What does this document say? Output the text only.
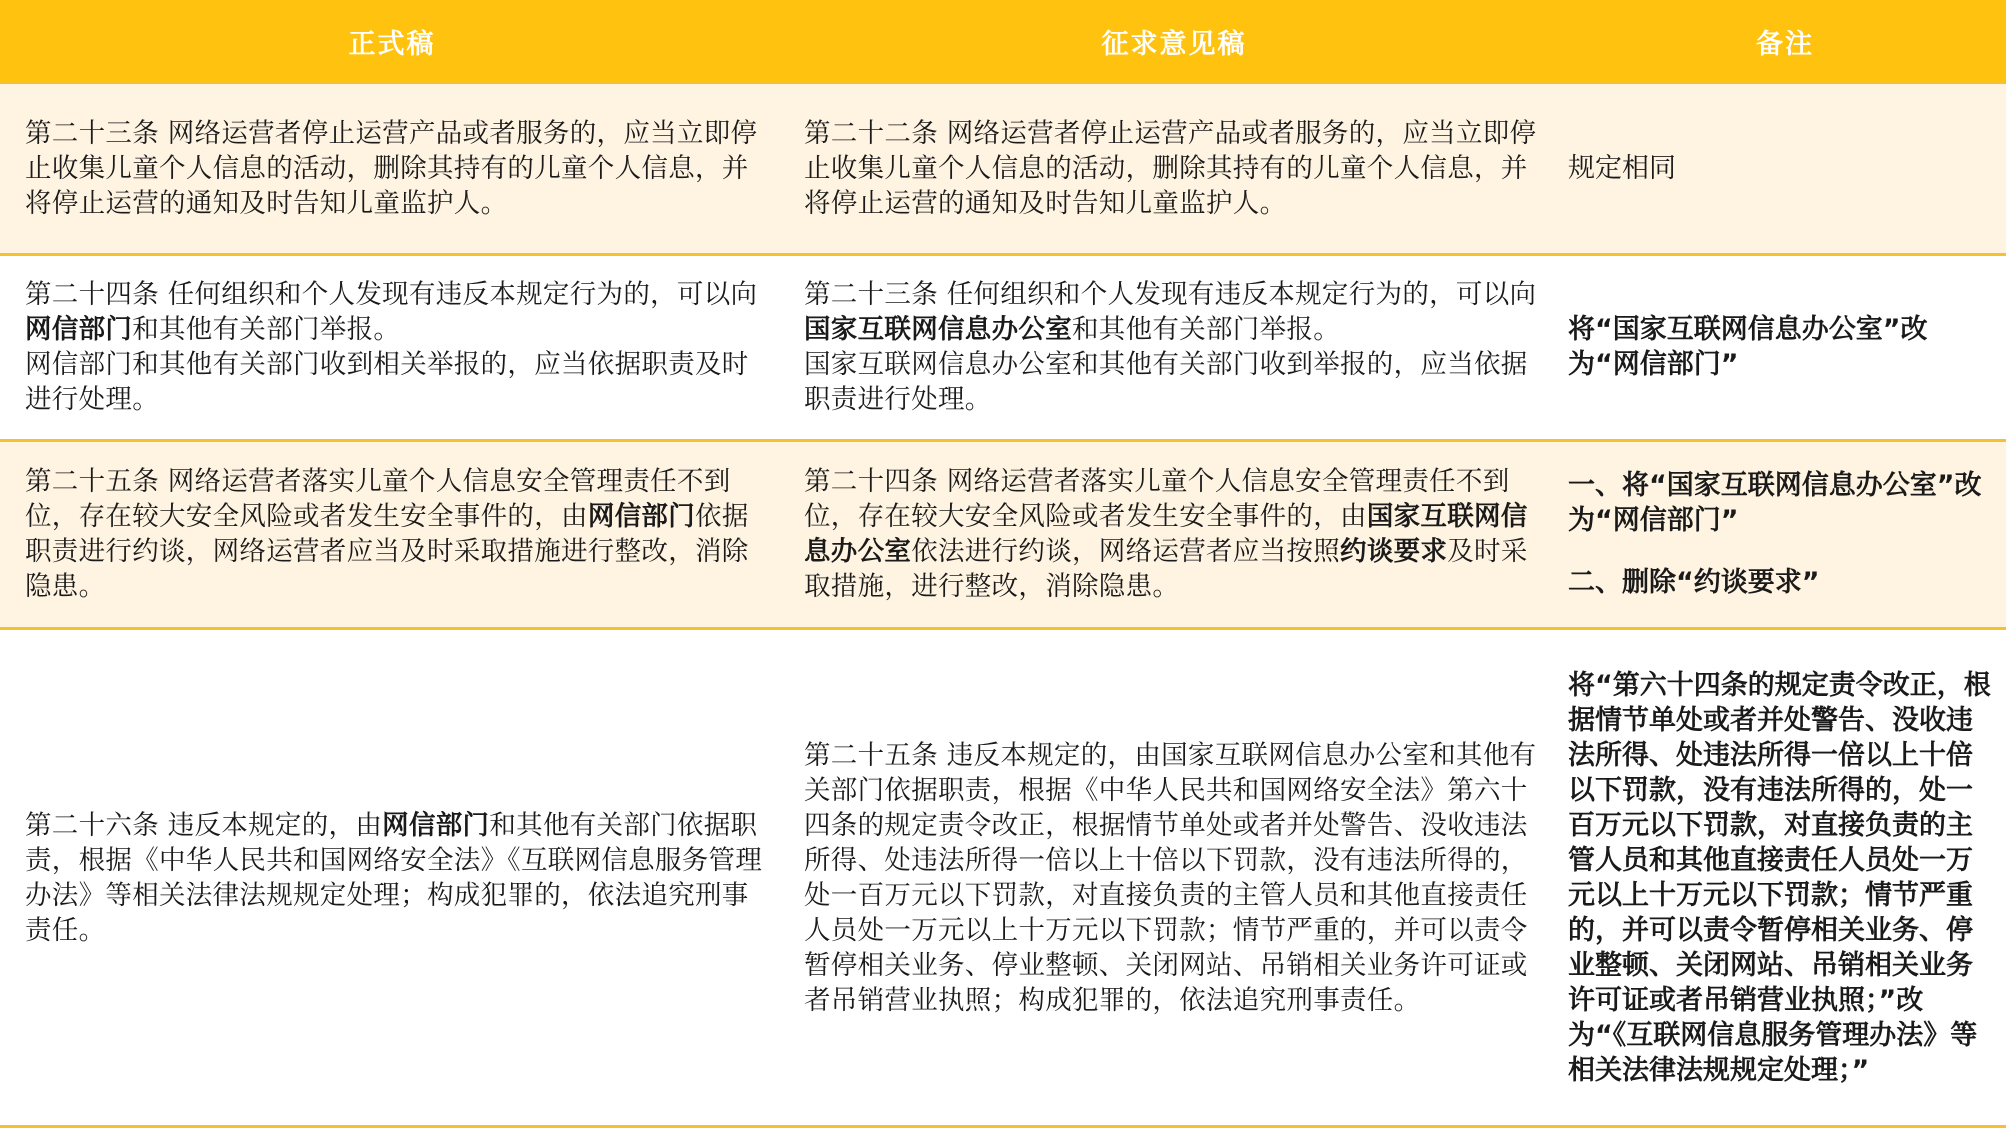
正式稿	征求意见稿	备注
第二十三条 网络运营者停止运营产品或者服务的，应当立即停止收集儿童个人信息的活动，删除其持有的儿童个人信息，并将停止运营的通知及时告知儿童监护人。
第二十二条 网络运营者停止运营产品或者服务的，应当立即停止收集儿童个人信息的活动，删除其持有的儿童个人信息，并将停止运营的通知及时告知儿童监护人。
规定相同

第二十四条 任何组织和个人发现有违反本规定行为的，可以向网信部门和其他有关部门举报。

网信部门和其他有关部门收到相关举报的，应当依据职责及时进行处理。

第二十三条 任何组织和个人发现有违反本规定行为的，可以向国家互联网信息办公室和其他有关部门举报。

国家互联网信息办公室和其他有关部门收到举报的，应当依据职责进行处理。

将“国家互联网信息办公室”改为“网信部门”
第二十五条 网络运营者落实儿童个人信息安全管理责任不到位，存在较大安全风险或者发生安全事件的，由网信部门依据职责进行约谈，网络运营者应当及时采取措施进行整改，消除隐患。
第二十四条 网络运营者落实儿童个人信息安全管理责任不到位，存在较大安全风险或者发生安全事件的，由国家互联网信息办公室依法进行约谈，网络运营者应当按照约谈要求及时采取措施，进行整改，消除隐患。

一、将“国家互联网信息办公室”改为“网信部门”

二、删除“约谈要求”

第二十六条 违反本规定的，由网信部门和其他有关部门依据职责，根据《中华人民共和国网络安全法》《互联网信息服务管理办法》等相关法律法规规定处理；构成犯罪的，依法追究刑事责任。
第二十五条 违反本规定的，由国家互联网信息办公室和其他有关部门依据职责，根据《中华人民共和国网络安全法》第六十四条的规定责令改正，根据情节单处或者并处警告、没收违法所得、处违法所得一倍以上十倍以下罚款，没有违法所得的，处一百万元以下罚款，对直接负责的主管人员和其他直接责任人员处一万元以上十万元以下罚款；情节严重的，并可以责令暂停相关业务、停业整顿、关闭网站、吊销相关业务许可证或者吊销营业执照；构成犯罪的，依法追究刑事责任。
将“第六十四条的规定责令改正，根据情节单处或者并处警告、没收违法所得、处违法所得一倍以上十倍以下罚款，没有违法所得的，处一百万元以下罚款，对直接负责的主管人员和其他直接责任人员处一万元以上十万元以下罚款；情节严重的，并可以责令暂停相关业务、停业整顿、关闭网站、吊销相关业务许可证或者吊销营业执照；”改为“《互联网信息服务管理办法》等相关法律法规规定处理；”
